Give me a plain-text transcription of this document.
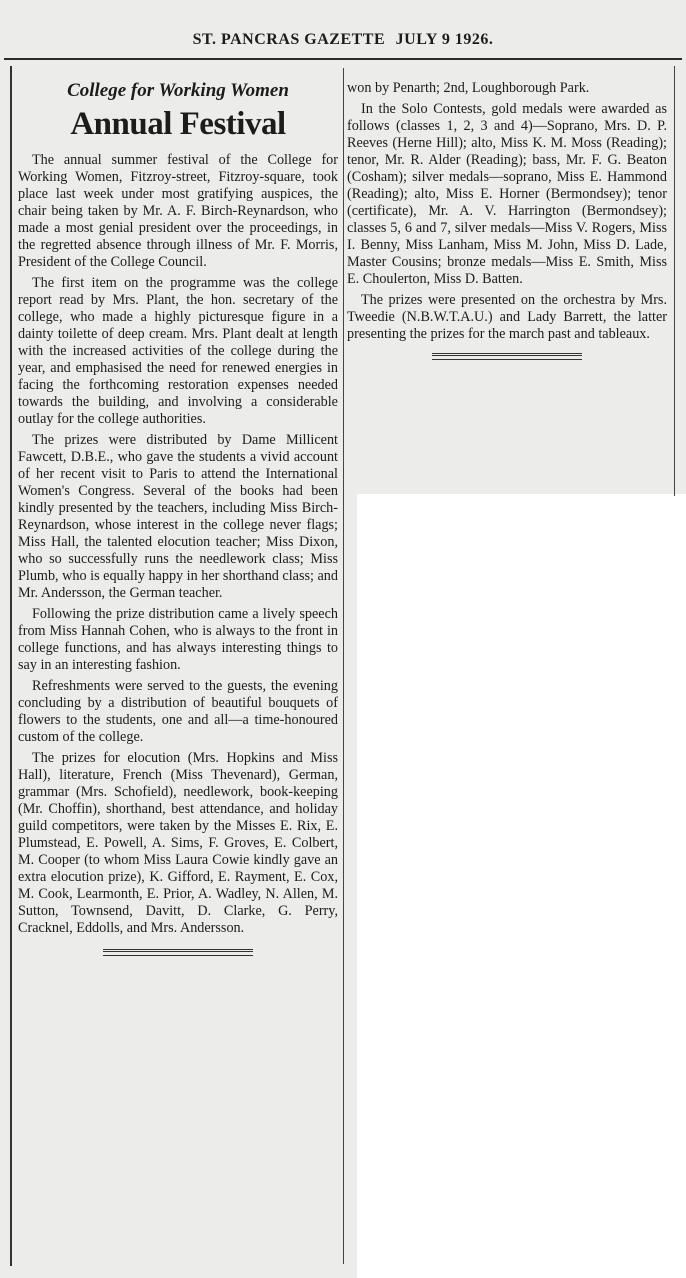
ST. PANCRAS GAZETTE JULY 9 1926.
College for Working Women
Annual Festival

The annual summer festival of the College for Working Women, Fitzroy-street, Fitzroy-square, took place last week under most gratifying auspices, the chair being taken by Mr. A. F. Birch-Reynardson, who made a most genial president over the proceedings, in the regretted absence through illness of Mr. F. Morris, President of the College Council.

The first item on the programme was the college report read by Mrs. Plant, the hon. secretary of the college, who made a highly picturesque figure in a dainty toilette of deep cream. Mrs. Plant dealt at length with the increased activities of the college during the year, and emphasised the need for renewed energies in facing the forthcoming restoration expenses needed towards the building, and involving a considerable outlay for the college authorities.

The prizes were distributed by Dame Millicent Fawcett, D.B.E., who gave the students a vivid account of her recent visit to Paris to attend the International Women's Congress. Several of the books had been kindly presented by the teachers, including Miss Birch-Reynardson, whose interest in the college never flags; Miss Hall, the talented elocution teacher; Miss Dixon, who so successfully runs the needlework class; Miss Plumb, who is equally happy in her shorthand class; and Mr. Andersson, the German teacher.

Following the prize distribution came a lively speech from Miss Hannah Cohen, who is always to the front in college functions, and has always interesting things to say in an interesting fashion.

Refreshments were served to the guests, the evening concluding by a distribution of beautiful bouquets of flowers to the students, one and all—a time-honoured custom of the college.

The prizes for elocution (Mrs. Hopkins and Miss Hall), literature, French (Miss Thevenard), German, grammar (Mrs. Schofield), needlework, book-keeping (Mr. Choffin), shorthand, best attendance, and holiday guild competitors, were taken by the Misses E. Rix, E. Plumstead, E. Powell, A. Sims, F. Groves, E. Colbert, M. Cooper (to whom Miss Laura Cowie kindly gave an extra elocution prize), K. Gifford, E. Rayment, E. Cox, M. Cook, Learmonth, E. Prior, A. Wadley, N. Allen, M. Sutton, Townsend, Davitt, D. Clarke, G. Perry, Cracknel, Eddolls, and Mrs. Andersson.

won by Penarth; 2nd, Loughborough Park.

In the Solo Contests, gold medals were awarded as follows (classes 1, 2, 3 and 4)—Soprano, Mrs. D. P. Reeves (Herne Hill); alto, Miss K. M. Moss (Reading); tenor, Mr. R. Alder (Reading); bass, Mr. F. G. Beaton (Cosham); silver medals—soprano, Miss E. Hammond (Reading); alto, Miss E. Horner (Bermondsey); tenor (certificate), Mr. A. V. Harrington (Bermondsey); classes 5, 6 and 7, silver medals—Miss V. Rogers, Miss I. Benny, Miss Lanham, Miss M. John, Miss D. Lade, Master Cousins; bronze medals—Miss E. Smith, Miss E. Choulerton, Miss D. Batten.

The prizes were presented on the orchestra by Mrs. Tweedie (N.B.W.T.A.U.) and Lady Barrett, the latter presenting the prizes for the march past and tableaux.
